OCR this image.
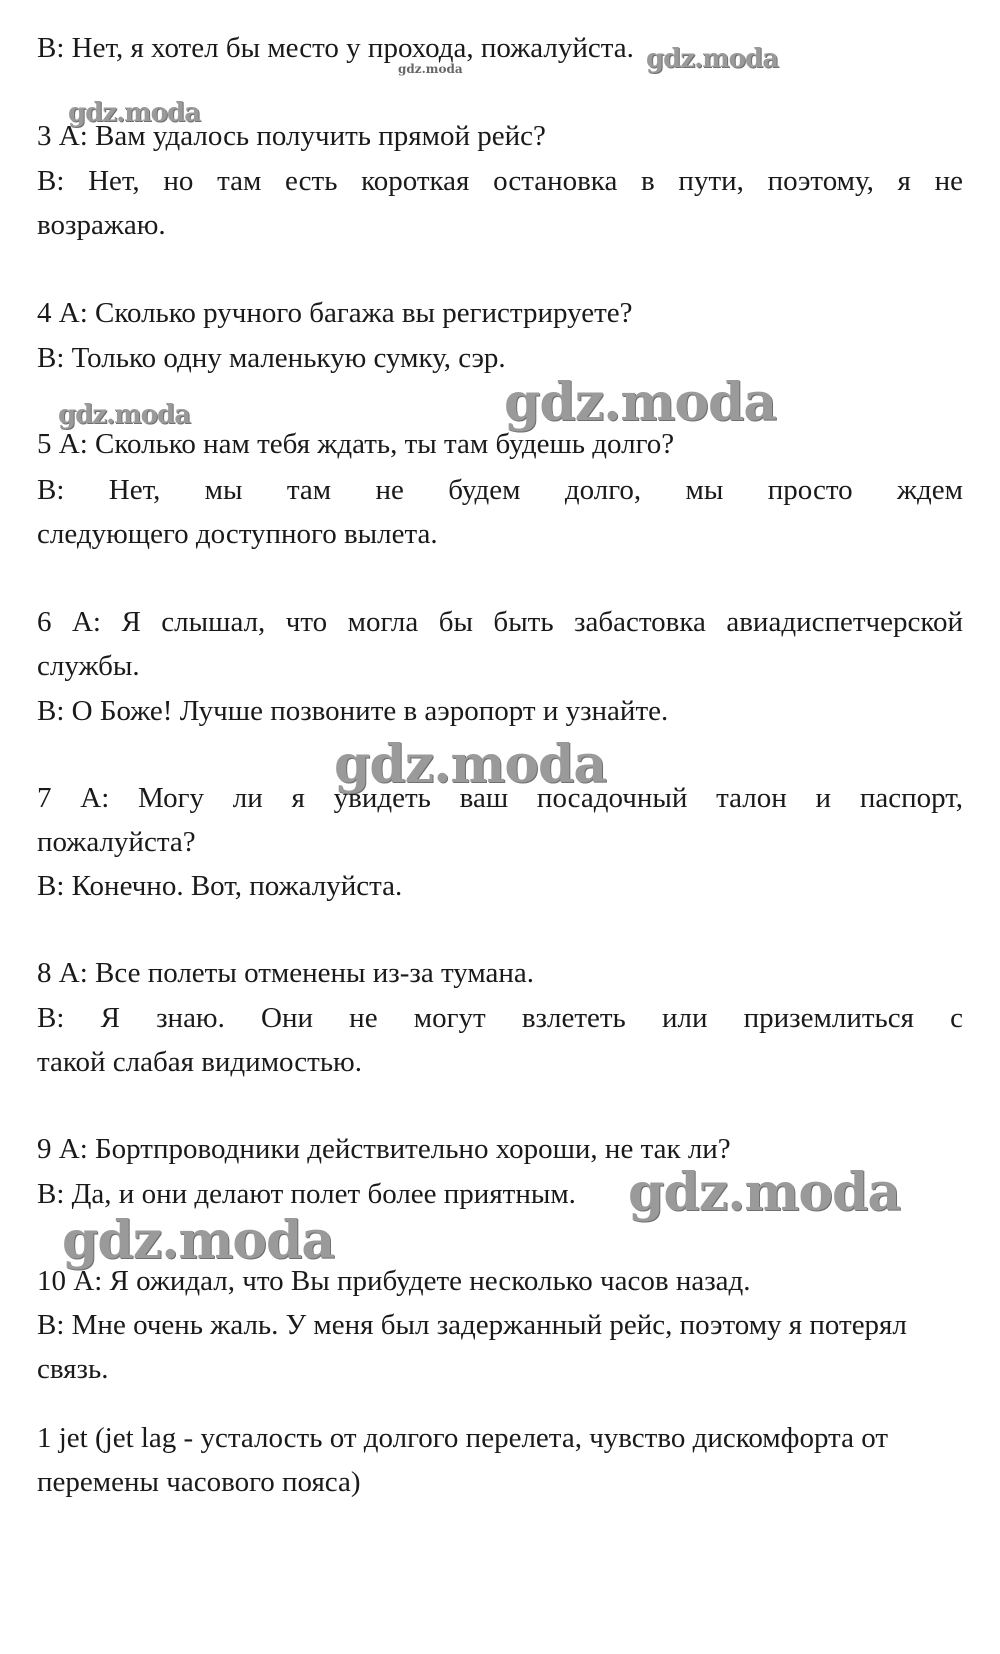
gdz.moda	gdz.moda
gdz.moda
gdz.moda	gdz.moda
gdz.moda
gdz.moda
gdz.moda
В: Нет, я хотел бы место у прохода, пожалуйста.
3 А: Вам удалось получить прямой рейс?
В: Нет, но там есть короткая остановка в пути, поэтому, я не
возражаю.
4 А: Сколько ручного багажа вы регистрируете?
В: Только одну маленькую сумку, сэр.
5 А: Сколько нам тебя ждать, ты там будешь долго?
В: Нет, мы там не будем долго, мы просто ждем
следующего доступного вылета.
6 А: Я слышал, что могла бы быть забастовка авиадиспетчерской
службы.
В: О Боже! Лучше позвоните в аэропорт и узнайте.
7 А: Могу ли я увидеть ваш посадочный талон и паспорт,
пожалуйста?
В: Конечно. Вот, пожалуйста.
8 А: Все полеты отменены из-за тумана.
В: Я знаю. Они не могут взлететь или приземлиться с
такой слабая видимостью.
9 А: Бортпроводники действительно хороши, не так ли?
В: Да, и они делают полет более приятным.
10 А: Я ожидал, что Вы прибудете несколько часов назад.
В: Мне очень жаль. У меня был задержанный рейс, поэтому я потерял
связь.
1 jet (jet lag - усталость от долгого перелета, чувство дискомфорта от
перемены часового пояса)
